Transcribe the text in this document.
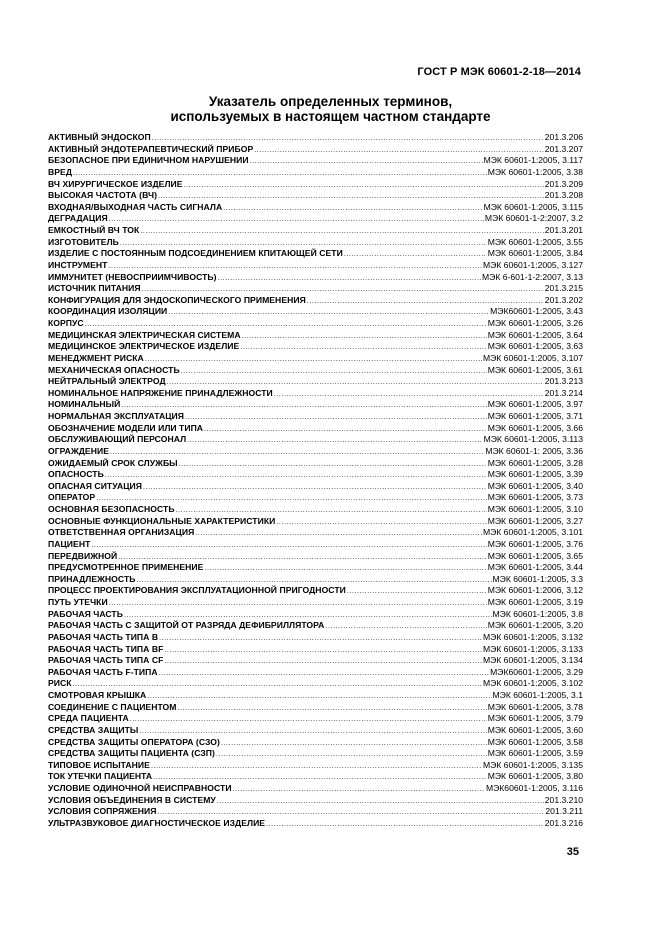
ГОСТ Р МЭК 60601-2-18—2014
Указатель определенных терминов,
используемых в настоящем частном стандарте
АКТИВНЫЙ ЭНДОСКОП .....	201.3.206
АКТИВНЫЙ ЭНДОТЕРАПЕВТИЧЕСКИЙ ПРИБОР .....	201.3.207
БЕЗОПАСНОЕ ПРИ ЕДИНИЧНОМ НАРУШЕНИИ .....	МЭК 60601-1:2005, 3.117
ВРЕД .....	МЭК 60601-1:2005, 3.38
ВЧ ХИРУРГИЧЕСКОЕ ИЗДЕЛИЕ .....	201.3.209
ВЫСОКАЯ ЧАСТОТА (ВЧ) .....	201.3.208
ВХОДНАЯ/ВЫХОДНАЯ ЧАСТЬ СИГНАЛА .....	МЭК 60601-1:2005, 3.115
ДЕГРАДАЦИЯ .....	МЭК 60601-1-2:2007, 3.2
ЕМКОСТНЫЙ ВЧ ТОК .....	201.3.201
ИЗГОТОВИТЕЛЬ .....	МЭК 60601-1:2005, 3.55
ИЗДЕЛИЕ С ПОСТОЯННЫМ ПОДСОЕДИНЕНИЕМ КПИТАЮЩЕЙ СЕТИ .....	МЭК 60601-1:2005, 3.84
ИНСТРУМЕНТ .....	МЭК 60601-1:2005, 3.127
ИММУНИТЕТ (НЕВОСПРИИМЧИВОСТЬ) .....	МЭК 6-601-1-2:2007, 3.13
ИСТОЧНИК ПИТАНИЯ .....	201.3.215
КОНФИГУРАЦИЯ ДЛЯ ЭНДОСКОПИЧЕСКОГО ПРИМЕНЕНИЯ .....	201.3.202
КООРДИНАЦИЯ ИЗОЛЯЦИИ .....	МЭК60601-1:2005, 3.43
КОРПУС .....	МЭК 60601-1:2005, 3.26
МЕДИЦИНСКАЯ ЭЛЕКТРИЧЕСКАЯ СИСТЕМА .....	МЭК 60601-1:2005, 3.64
МЕДИЦИНСКОЕ ЭЛЕКТРИЧЕСКОЕ ИЗДЕЛИЕ .....	МЭК 60601-1:2005, 3.63
МЕНЕДЖМЕНТ РИСКА .....	МЭК 60601-1:2005, 3.107
МЕХАНИЧЕСКАЯ ОПАСНОСТЬ .....	МЭК 60601-1:2005, 3.61
НЕЙТРАЛЬНЫЙ ЭЛЕКТРОД .....	201.3.213
НОМИНАЛЬНОЕ НАПРЯЖЕНИЕ ПРИНАДЛЕЖНОСТИ .....	201.3.214
НОМИНАЛЬНЫЙ .....	МЭК 60601-1:2005, 3.97
НОРМАЛЬНАЯ ЭКСПЛУАТАЦИЯ .....	МЭК 60601-1:2005, 3.71
ОБОЗНАЧЕНИЕ МОДЕЛИ ИЛИ ТИПА .....	МЭК 60601-1:2005, 3.66
ОБСЛУЖИВАЮЩИЙ ПЕРСОНАЛ .....	МЭК 60601-1:2005, 3.113
ОГРАЖДЕНИЕ .....	МЭК 60601-1: 2005, 3.36
ОЖИДАЕМЫЙ СРОК СЛУЖБЫ .....	МЭК 60601-1:2005, 3.28
ОПАСНОСТЬ .....	МЭК 60601-1:2005, 3.39
ОПАСНАЯ СИТУАЦИЯ .....	МЭК 60601-1:2005, 3.40
ОПЕРАТОР .....	МЭК 60601-1:2005, 3.73
ОСНОВНАЯ БЕЗОПАСНОСТЬ .....	МЭК 60601-1:2005, 3.10
ОСНОВНЫЕ ФУНКЦИОНАЛЬНЫЕ ХАРАКТЕРИСТИКИ .....	МЭК 60601-1:2005, 3.27
ОТВЕТСТВЕННАЯ ОРГАНИЗАЦИЯ .....	МЭК 60601-1:2005, 3.101
ПАЦИЕНТ .....	МЭК 60601-1:2005, 3.76
ПЕРЕДВИЖНОЙ .....	МЭК 60601-1:2005, 3.65
ПРЕДУСМОТРЕННОЕ ПРИМЕНЕНИЕ .....	МЭК 60601-1:2005, 3.44
ПРИНАДЛЕЖНОСТЬ .....	МЭК 60601-1:2005, 3.3
ПРОЦЕСС ПРОЕКТИРОВАНИЯ ЭКСПЛУАТАЦИОННОЙ ПРИГОДНОСТИ .....	МЭК 60601-1:2006, 3.12
ПУТЬ УТЕЧКИ .....	МЭК 60601-1:2005, 3.19
РАБОЧАЯ ЧАСТЬ .....	МЭК 60601-1:2005, 3.8
РАБОЧАЯ ЧАСТЬ С ЗАЩИТОЙ ОТ РАЗРЯДА ДЕФИБРИЛЛЯТОРА .....	МЭК 60601-1:2005, 3.20
РАБОЧАЯ ЧАСТЬ ТИПА В .....	МЭК 60601-1:2005, 3.132
РАБОЧАЯ ЧАСТЬ ТИПА BF .....	МЭК 60601-1:2005, 3.133
РАБОЧАЯ ЧАСТЬ ТИПА CF .....	МЭК 60601-1:2005, 3.134
РАБОЧАЯ ЧАСТЬ F-ТИПА .....	МЭК60601-1:2005, 3.29
РИСК .....	МЭК 60601-1:2005, 3.102
СМОТРОВАЯ КРЫШКА .....	МЭК 60601-1:2005, 3.1
СОЕДИНЕНИЕ С ПАЦИЕНТОМ .....	МЭК 60601-1:2005, 3.78
СРЕДА ПАЦИЕНТА .....	МЭК 60601-1:2005, 3.79
СРЕДСТВА ЗАЩИТЫ .....	МЭК 60601-1:2005, 3.60
СРЕДСТВА ЗАЩИТЫ ОПЕРАТОРА (СЗО) .....	МЭК 60601-1:2005, 3.58
СРЕДСТВА ЗАЩИТЫ ПАЦИЕНТА (СЗП) .....	МЭК 60601-1:2005, 3.59
ТИПОВОЕ ИСПЫТАНИЕ .....	МЭК 60601-1:2005, 3.135
ТОК УТЕЧКИ ПАЦИЕНТА .....	МЭК 60601-1:2005, 3.80
УСЛОВИЕ ОДИНОЧНОЙ НЕИСПРАВНОСТИ .....	МЭК60601-1:2005, 3.116
УСЛОВИЯ ОБЪЕДИНЕНИЯ В СИСТЕМУ .....	201.3.210
УСЛОВИЯ СОПРЯЖЕНИЯ .....	201.3.211
УЛЬТРАЗВУКОВОЕ ДИАГНОСТИЧЕСКОЕ ИЗДЕЛИЕ .....	201.3.216
35
